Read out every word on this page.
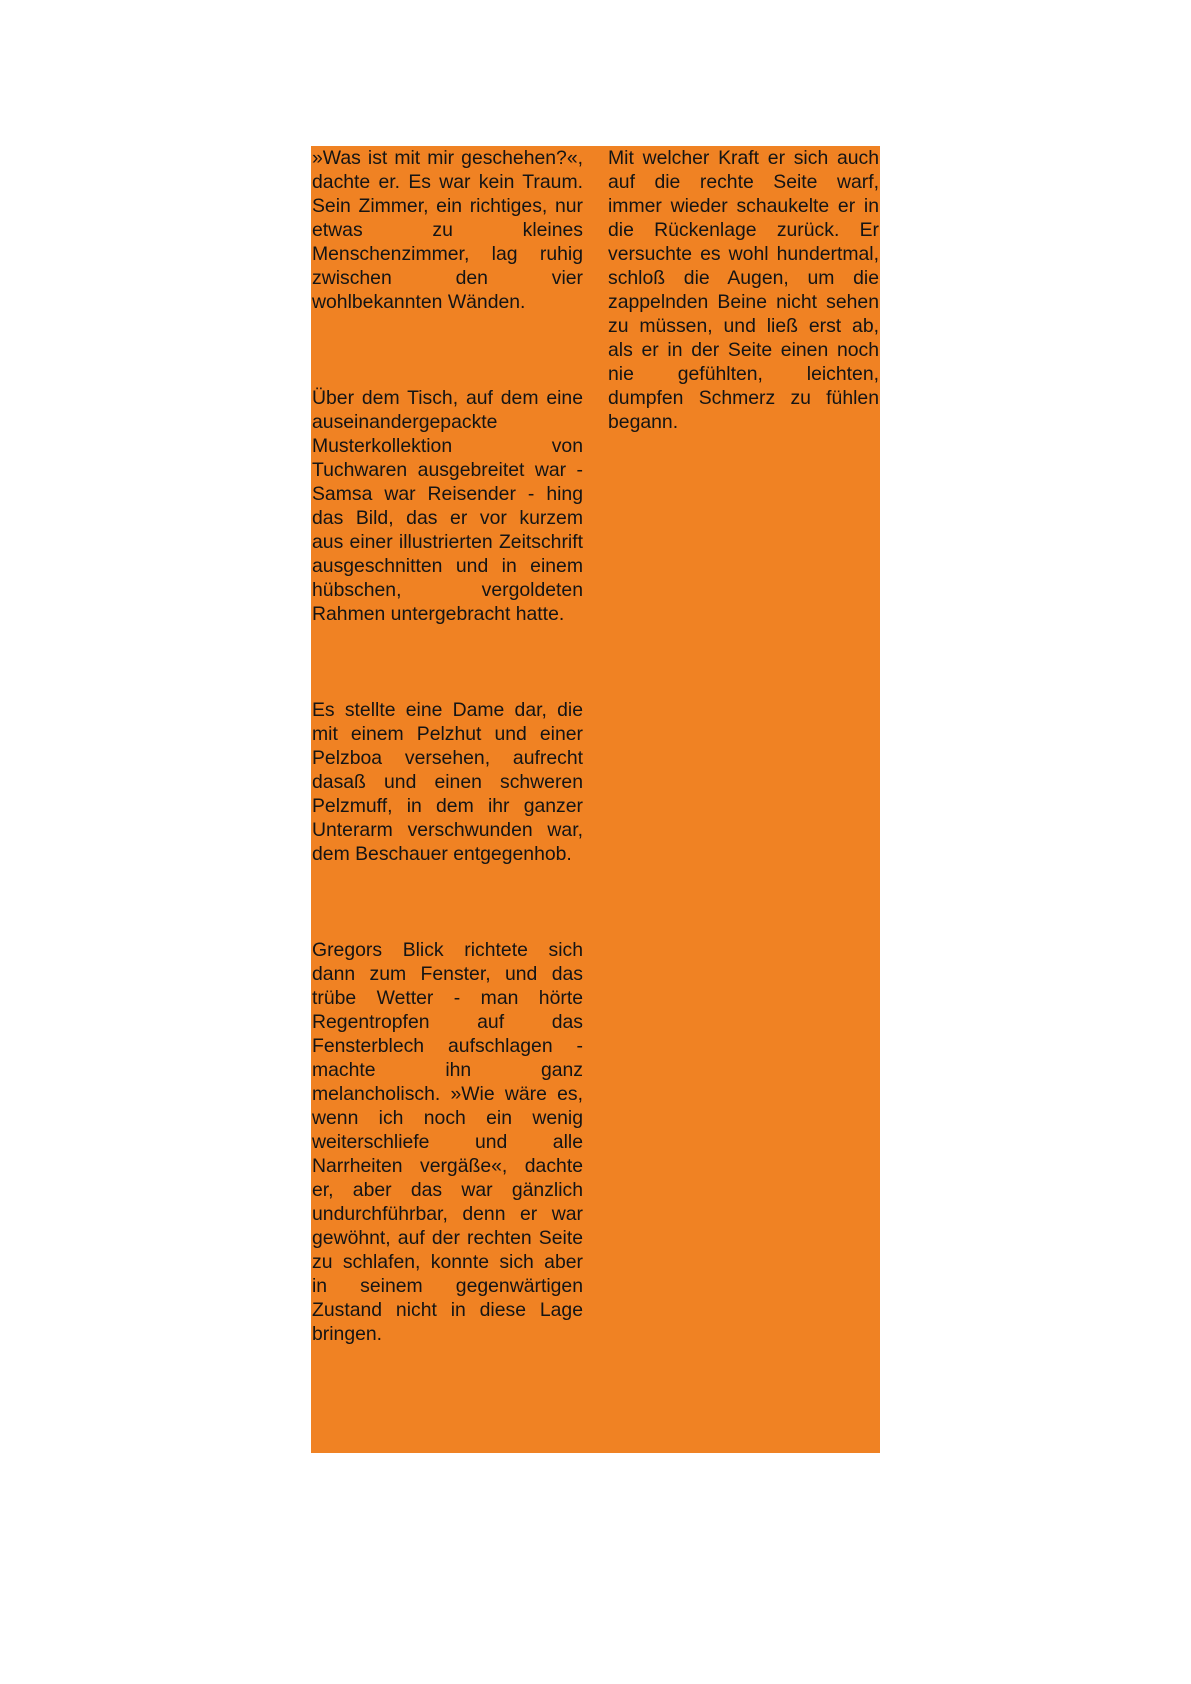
»Was ist mit mir geschehen?«, dachte er. Es war kein Traum. Sein Zimmer, ein richtiges, nur etwas zu kleines Menschenzimmer, lag ruhig zwischen den vier wohlbekannten Wänden.

Über dem Tisch, auf dem eine auseinandergepackte Musterkollektion von Tuchwaren ausgebreitet war - Samsa war Reisender - hing das Bild, das er vor kurzem aus einer illustrierten Zeitschrift ausgeschnitten und in einem hübschen, vergoldeten Rahmen untergebracht hatte.

Es stellte eine Dame dar, die mit einem Pelzhut und einer Pelzboa versehen, aufrecht dasaß und einen schweren Pelzmuff, in dem ihr ganzer Unterarm verschwunden war, dem Beschauer entgegenhob.

Gregors Blick richtete sich dann zum Fenster, und das trübe Wetter - man hörte Regentropfen auf das Fensterblech aufschlagen - machte ihn ganz melancholisch. »Wie wäre es, wenn ich noch ein wenig weiterschliefe und alle Narrheiten vergäße«, dachte er, aber das war gänzlich undurchführbar, denn er war gewöhnt, auf der rechten Seite zu schlafen, konnte sich aber in seinem gegenwärtigen Zustand nicht in diese Lage bringen.

Mit welcher Kraft er sich auch auf die rechte Seite warf, immer wieder schaukelte er in die Rückenlage zurück. Er versuchte es wohl hundertmal, schloß die Augen, um die zappelnden Beine nicht sehen zu müssen, und ließ erst ab, als er in der Seite einen noch nie gefühlten, leichten, dumpfen Schmerz zu fühlen begann.
